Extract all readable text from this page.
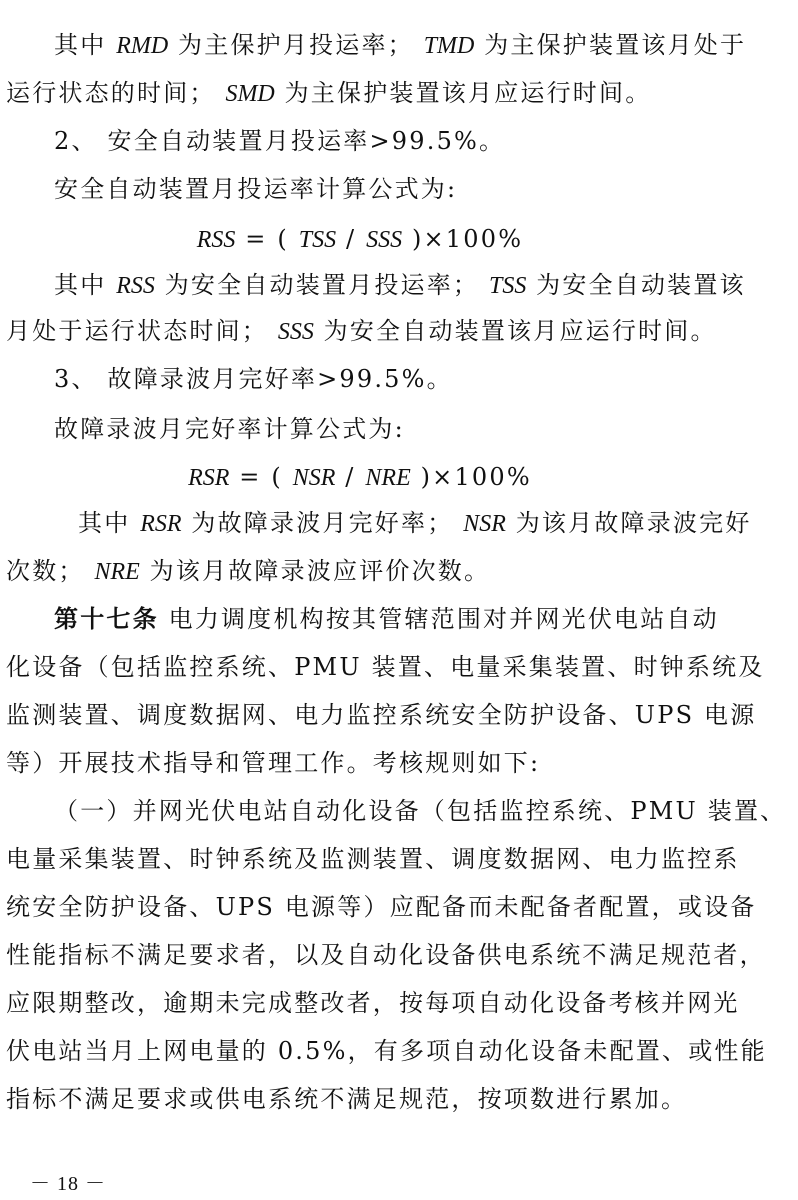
其中 RMD 为主保护月投运率； TMD 为主保护装置该月处于
运行状态的时间； SMD 为主保护装置该月应运行时间。
2、 安全自动装置月投运率>99.5%。
安全自动装置月投运率计算公式为:
RSS = ( TSS / SSS )×100%
其中 RSS 为安全自动装置月投运率； TSS 为安全自动装置该
月处于运行状态时间； SSS 为安全自动装置该月应运行时间。
3、 故障录波月完好率>99.5%。
故障录波月完好率计算公式为:
RSR = ( NSR / NRE )×100%
其中 RSR 为故障录波月完好率； NSR 为该月故障录波完好
次数； NRE 为该月故障录波应评价次数。
第十七条 电力调度机构按其管辖范围对并网光伏电站自动
化设备（包括监控系统、PMU 装置、电量采集装置、时钟系统及
监测装置、调度数据网、电力监控系统安全防护设备、UPS 电源
等）开展技术指导和管理工作。考核规则如下:
（一）并网光伏电站自动化设备（包括监控系统、PMU 装置、
电量采集装置、时钟系统及监测装置、调度数据网、电力监控系
统安全防护设备、UPS 电源等）应配备而未配备者配置，或设备
性能指标不满足要求者，以及自动化设备供电系统不满足规范者，
应限期整改，逾期未完成整改者，按每项自动化设备考核并网光
伏电站当月上网电量的 0.5%，有多项自动化设备未配置、或性能
指标不满足要求或供电系统不满足规范，按项数进行累加。
－ 18 －
